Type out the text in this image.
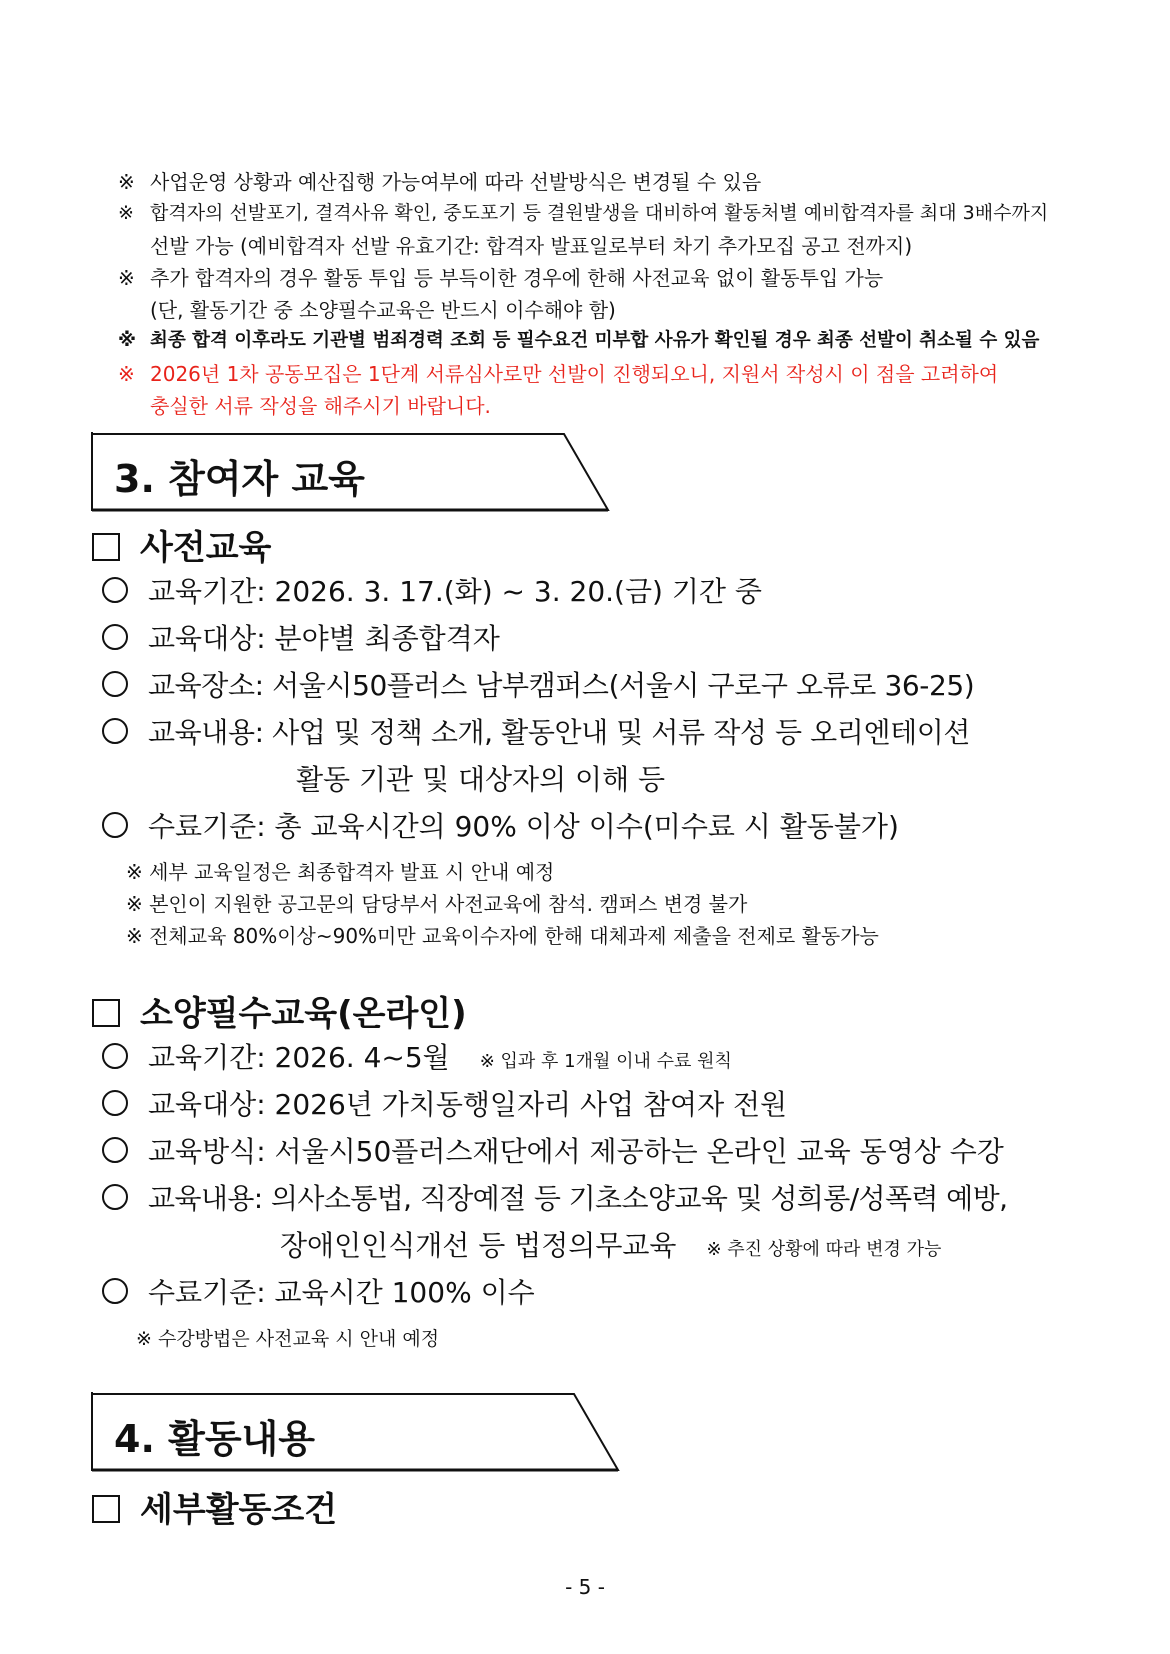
※ 사업운영 상황과 예산집행 가능여부에 따라 선발방식은 변경될 수 있음
※ 합격자의 선발포기, 결격사유 확인, 중도포기 등 결원발생을 대비하여 활동처별 예비합격자를 최대 3배수까지
선발 가능 (예비합격자 선발 유효기간: 합격자 발표일로부터 차기 추가모집 공고 전까지)
※ 추가 합격자의 경우 활동 투입 등 부득이한 경우에 한해 사전교육 없이 활동투입 가능
(단, 활동기간 중 소양필수교육은 반드시 이수해야 함)
※ 최종 합격 이후라도 기관별 범죄경력 조회 등 필수요건 미부합 사유가 확인될 경우 최종 선발이 취소될 수 있음
※ 2026년 1차 공동모집은 1단계 서류심사로만 선발이 진행되오니, 지원서 작성시 이 점을 고려하여
충실한 서류 작성을 해주시기 바랍니다.
3. 참여자 교육
사전교육
교육기간: 2026. 3. 17.(화) ~ 3. 20.(금) 기간 중
교육대상: 분야별 최종합격자
교육장소: 서울시50플러스 남부캠퍼스(서울시 구로구 오류로 36-25)
교육내용: 사업 및 정책 소개, 활동안내 및 서류 작성 등 오리엔테이션
활동 기관 및 대상자의 이해 등
수료기준: 총 교육시간의 90% 이상 이수(미수료 시 활동불가)
※ 세부 교육일정은 최종합격자 발표 시 안내 예정
※ 본인이 지원한 공고문의 담당부서 사전교육에 참석. 캠퍼스 변경 불가
※ 전체교육 80%이상~90%미만 교육이수자에 한해 대체과제 제출을 전제로 활동가능
소양필수교육(온라인)
교육기간: 2026. 4~5월 ※ 입과 후 1개월 이내 수료 원칙
교육대상: 2026년 가치동행일자리 사업 참여자 전원
교육방식: 서울시50플러스재단에서 제공하는 온라인 교육 동영상 수강
교육내용: 의사소통법, 직장예절 등 기초소양교육 및 성희롱/성폭력 예방,
장애인인식개선 등 법정의무교육 ※ 추진 상황에 따라 변경 가능
수료기준: 교육시간 100% 이수
※ 수강방법은 사전교육 시 안내 예정
4. 활동내용
세부활동조건
- 5 -
